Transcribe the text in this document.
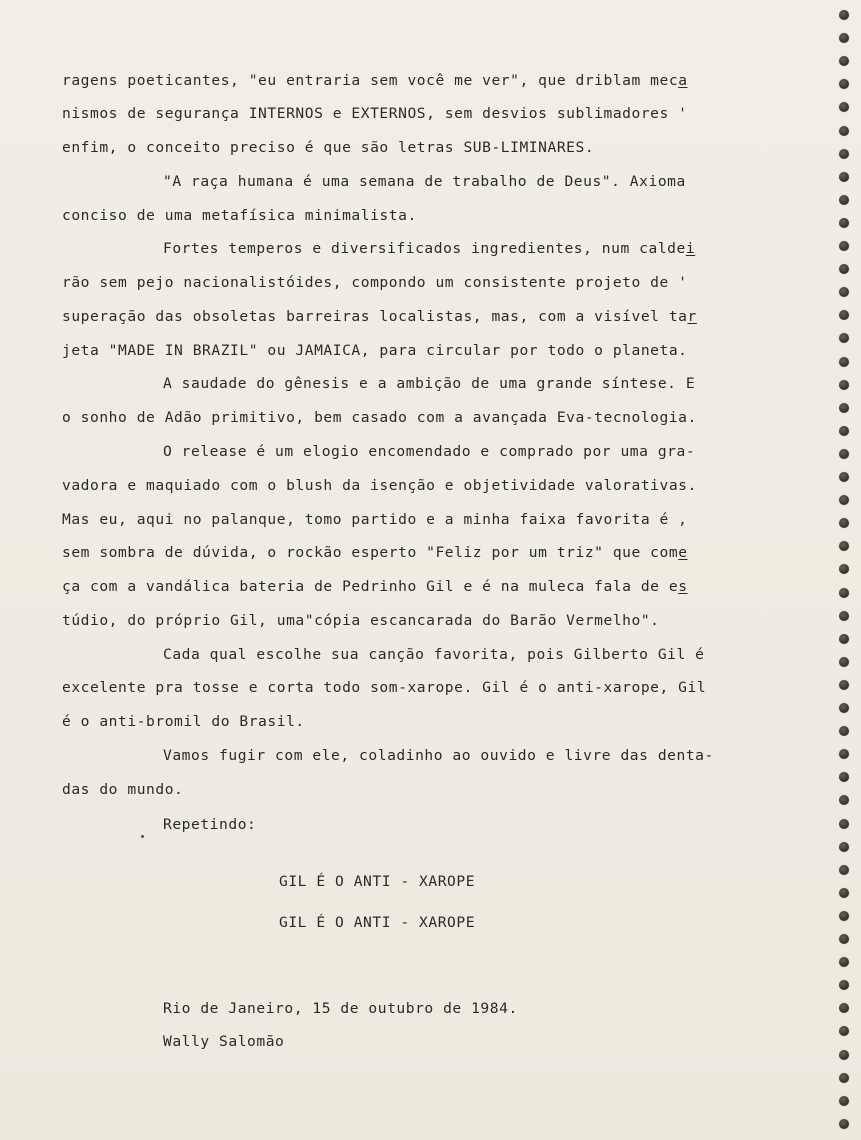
ragens poeticantes, "eu entraria sem você me ver", que driblam meca
nismos de segurança INTERNOS e EXTERNOS, sem desvios sublimadores '
enfim, o conceito preciso é que são letras SUB-LIMINARES.
"A raça humana é uma semana de trabalho de Deus". Axioma
conciso de uma metafísica minimalista.
Fortes temperos e diversificados ingredientes, num caldei
rão sem pejo nacionalistóides, compondo um consistente projeto de '
superação das obsoletas barreiras localistas, mas, com a visível tar
jeta "MADE IN BRAZIL" ou JAMAICA, para circular por todo o planeta.
A saudade do gênesis e a ambição de uma grande síntese. E
o sonho de Adão primitivo, bem casado com a avançada Eva-tecnologia.
O release é um elogio encomendado e comprado por uma gra-
vadora e maquiado com o blush da isenção e objetividade valorativas.
Mas eu, aqui no palanque, tomo partido e a minha faixa favorita é ,
sem sombra de dúvida, o rockão esperto "Feliz por um triz" que come
ça com a vandálica bateria de Pedrinho Gil e é na muleca fala de es
túdio, do próprio Gil, uma"cópia escancarada do Barão Vermelho".
Cada qual escolhe sua canção favorita, pois Gilberto Gil é
excelente pra tosse e corta todo som-xarope. Gil é o anti-xarope, Gil
é o anti-bromil do Brasil.
Vamos fugir com ele, coladinho ao ouvido e livre das denta-
das do mundo.
Repetindo:
GIL É O ANTI - XAROPE
GIL É O ANTI - XAROPE
Rio de Janeiro, 15 de outubro de 1984.
Wally Salomão
